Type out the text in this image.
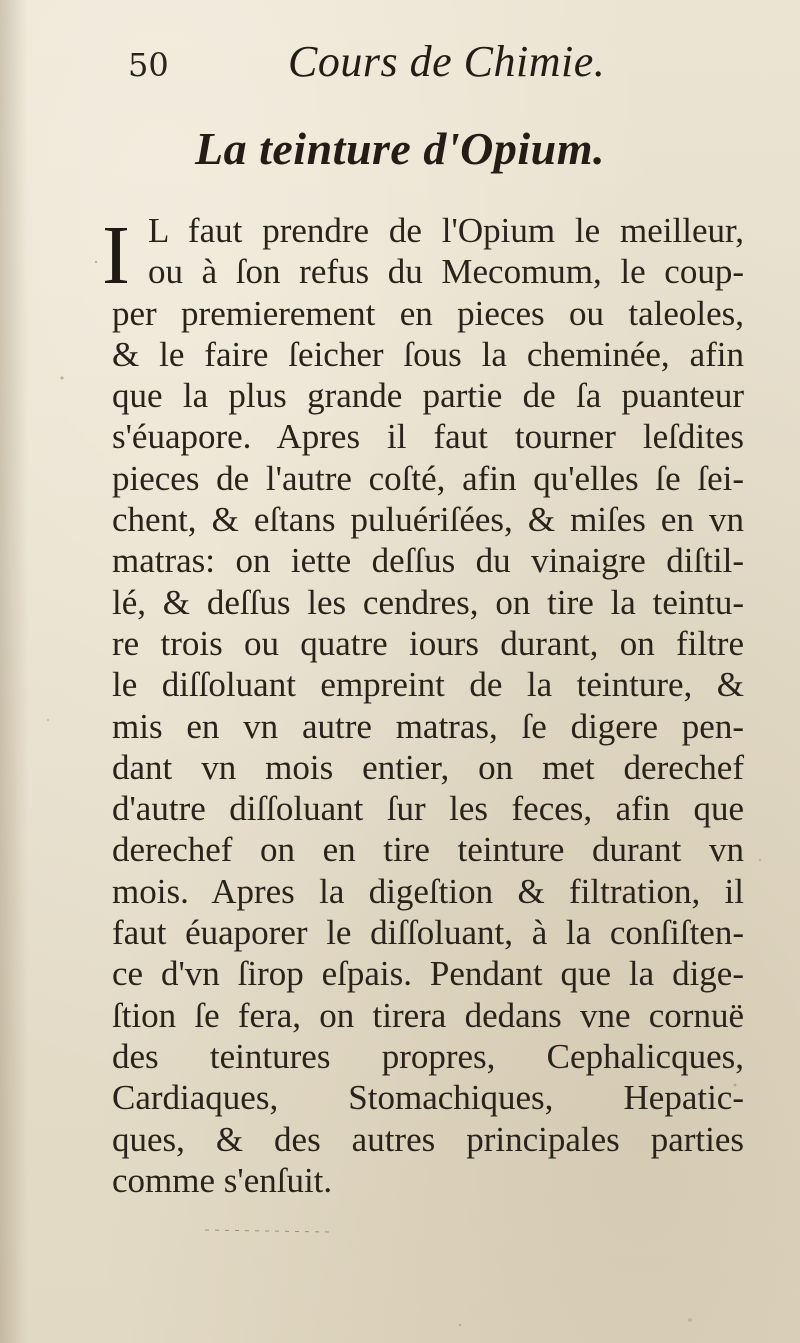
50	Cours de Chimie.

La teinture d'Opium.
I L faut prendre de l'Opium le meilleur,
ou à ſon refus du Mecomum, le coup-
per premierement en pieces ou taleoles,
& le faire ſeicher ſous la cheminée, afin
que la plus grande partie de ſa puanteur
s'éuapore. Apres il faut tourner leſdites
pieces de l'autre coſté, afin qu'elles ſe ſei-
chent, & eſtans puluériſées, & miſes en vn
matras: on iette deſſus du vinaigre diſtil-
lé, & deſſus les cendres, on tire la teintu-
re trois ou quatre iours durant, on filtre
le diſſoluant empreint de la teinture, &
mis en vn autre matras, ſe digere pen-
dant vn mois entier, on met derechef
d'autre diſſoluant ſur les feces, afin que
derechef on en tire teinture durant vn
mois. Apres la digeſtion & filtration, il
faut éuaporer le diſſoluant, à la conſiſten-
ce d'vn ſirop eſpais. Pendant que la dige-
ſtion ſe fera, on tirera dedans vne cornuë
des teintures propres, Cephalicques,
Cardiaques, Stomachiques, Hepatic-
ques, & des autres principales parties
comme s'enſuit.
